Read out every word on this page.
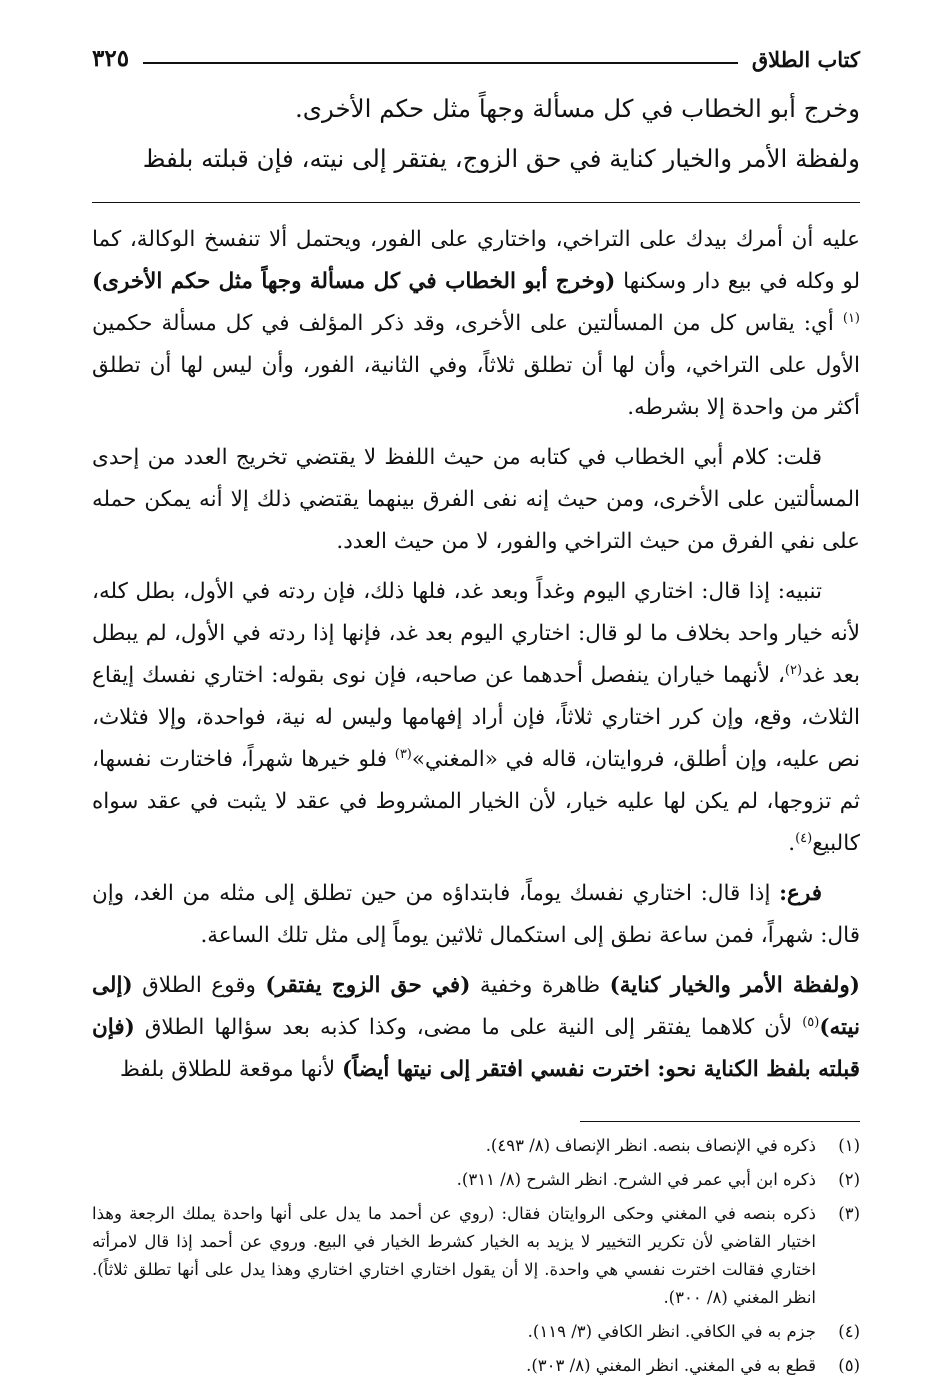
كتاب الطلاق
٣٢٥

وخرج أبو الخطاب في كل مسألة وجهاً مثل حكم الأخرى.

ولفظة الأمر والخيار كناية في حق الزوج، يفتقر إلى نيته، فإن قبلته بلفظ

عليه أن أمرك بيدك على التراخي، واختاري على الفور، ويحتمل ألا تنفسخ الوكالة، كما لو وكله في بيع دار وسكنها (وخرج أبو الخطاب في كل مسألة وجهاً مثل حكم الأخرى)$^{(١)}$ أي: يقاس كل من المسألتين على الأخرى، وقد ذكر المؤلف في كل مسألة حكمين الأول على التراخي، وأن لها أن تطلق ثلاثاً، وفي الثانية، الفور، وأن ليس لها أن تطلق أكثر من واحدة إلا بشرطه.

قلت: كلام أبي الخطاب في كتابه من حيث اللفظ لا يقتضي تخريج العدد من إحدى المسألتين على الأخرى، ومن حيث إنه نفى الفرق بينهما يقتضي ذلك إلا أنه يمكن حمله على نفي الفرق من حيث التراخي والفور، لا من حيث العدد.

تنبيه: إذا قال: اختاري اليوم وغداً وبعد غد، فلها ذلك، فإن ردته في الأول، بطل كله، لأنه خيار واحد بخلاف ما لو قال: اختاري اليوم بعد غد، فإنها إذا ردته في الأول، لم يبطل بعد غد$^{(٢)}$، لأنهما خياران ينفصل أحدهما عن صاحبه، فإن نوى بقوله: اختاري نفسك إيقاع الثلاث، وقع، وإن كرر اختاري ثلاثاً، فإن أراد إفهامها وليس له نية، فواحدة، وإلا فثلاث، نص عليه، وإن أطلق، فروايتان، قاله في «المغني»$^{(٣)}$ فلو خيرها شهراً، فاختارت نفسها، ثم تزوجها، لم يكن لها عليه خيار، لأن الخيار المشروط في عقد لا يثبت في عقد سواه كالبيع$^{(٤)}$.

فرع: إذا قال: اختاري نفسك يوماً، فابتداؤه من حين تطلق إلى مثله من الغد، وإن قال: شهراً، فمن ساعة نطق إلى استكمال ثلاثين يوماً إلى مثل تلك الساعة.

(ولفظة الأمر والخيار كناية) ظاهرة وخفية (في حق الزوج يفتقر) وقوع الطلاق (إلى نيته)$^{(٥)}$ لأن كلاهما يفتقر إلى النية على ما مضى، وكذا كذبه بعد سؤالها الطلاق (فإن قبلته بلفظ الكناية نحو: اخترت نفسي افتقر إلى نيتها أيضاً) لأنها موقعة للطلاق بلفظ

(١)
ذكره في الإنصاف بنصه. انظر الإنصاف (٨/ ٤٩٣).
(٢)
ذكره ابن أبي عمر في الشرح. انظر الشرح (٨/ ٣١١).
(٣)
ذكره بنصه في المغني وحكى الروايتان فقال: (روي عن أحمد ما يدل على أنها واحدة يملك الرجعة وهذا اختيار القاضي لأن تكرير التخيير لا يزيد به الخيار كشرط الخيار في البيع. وروي عن أحمد إذا قال لامرأته اختاري فقالت اخترت نفسي هي واحدة. إلا أن يقول اختاري اختاري اختاري وهذا يدل على أنها تطلق ثلاثاً). انظر المغني (٨/ ٣٠٠).
(٤)
جزم به في الكافي. انظر الكافي (٣/ ١١٩).
(٥)
قطع به في المغني. انظر المغني (٨/ ٣٠٣).
